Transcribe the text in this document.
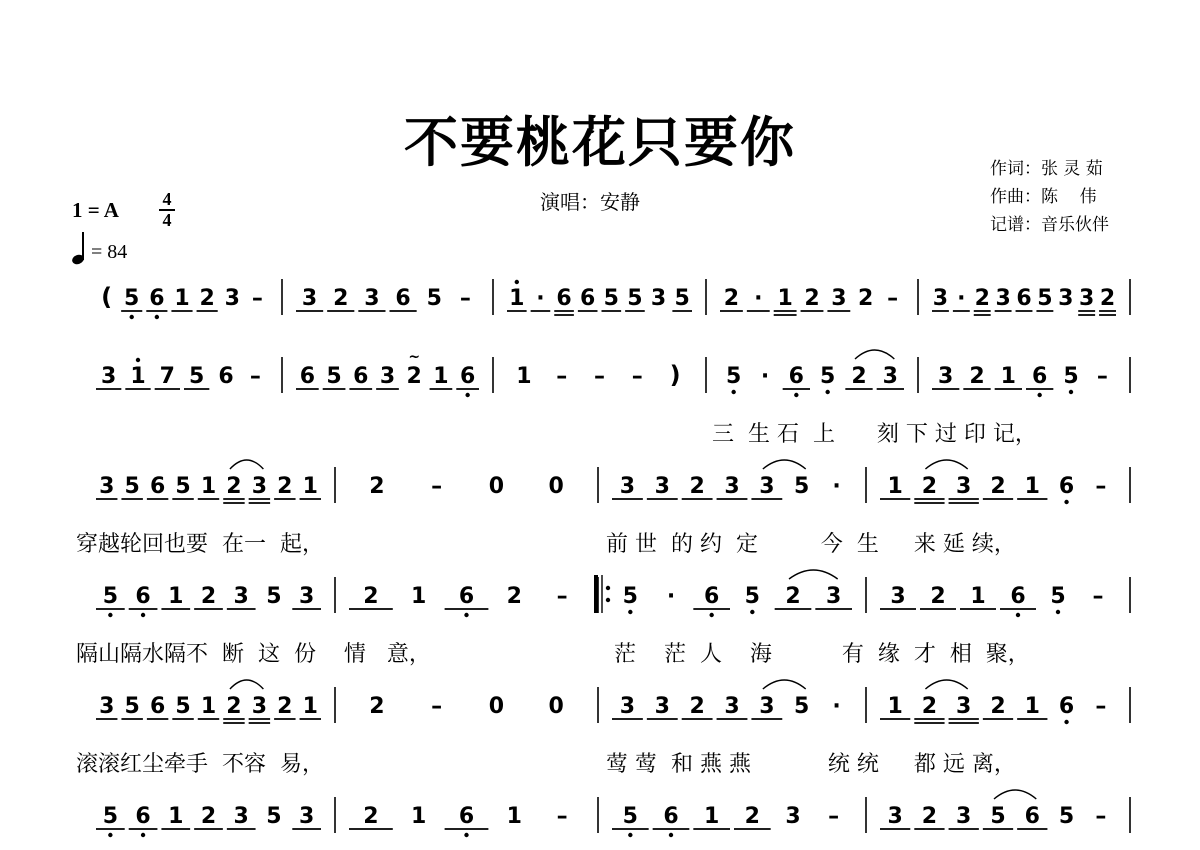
不要桃花只要你
演唱：安静
作词：张 灵 茹
作曲：陈    伟
记谱：音乐伙伴
1 = A	4
4
= 84
( 5 6 1 2 3 – 3 2 3 6 5 – 1 · 6 6 5 5 3 5 2 · 1 2 3 2 – 3 · 2 3 6 5 3 3 2
3 1 7 5 6 – 6 5 6 3 2
~
1 6 1 – – – ) 5 · 6 5 2 3 3 2 1 6 5 –
3 5 6 5 1 2 3 2 1 2 – 0 0	3 3 2 3 3 5 · 1 2 3 2 1 6 –
5 6 1 2 3 5 3 2 1 6 2 –	5 · 6 5 2 3 3 2 1 6 5 –
3 5 6 5 1 2 3 2 1 2 – 0 0	3 3 2 3 3 5 · 1 2 3 2 1 6 –
5 6 1 2 3 5 3 2 1 6 1 –	5 6 1 2 3 – 3 2 3 5 6 5 –
三  生 石  上      刻 下 过 印 记，
穿越轮回也要  在一  起，	前 世  的 约  定         今  生     来 延 续，
隔山隔水隔不  断  这  份    情   意，	茫    茫  人    海          有  缘  才  相  聚，
滚滚红尘牵手  不容  易，	莺 莺  和 燕 燕           统 统     都 远 离，
